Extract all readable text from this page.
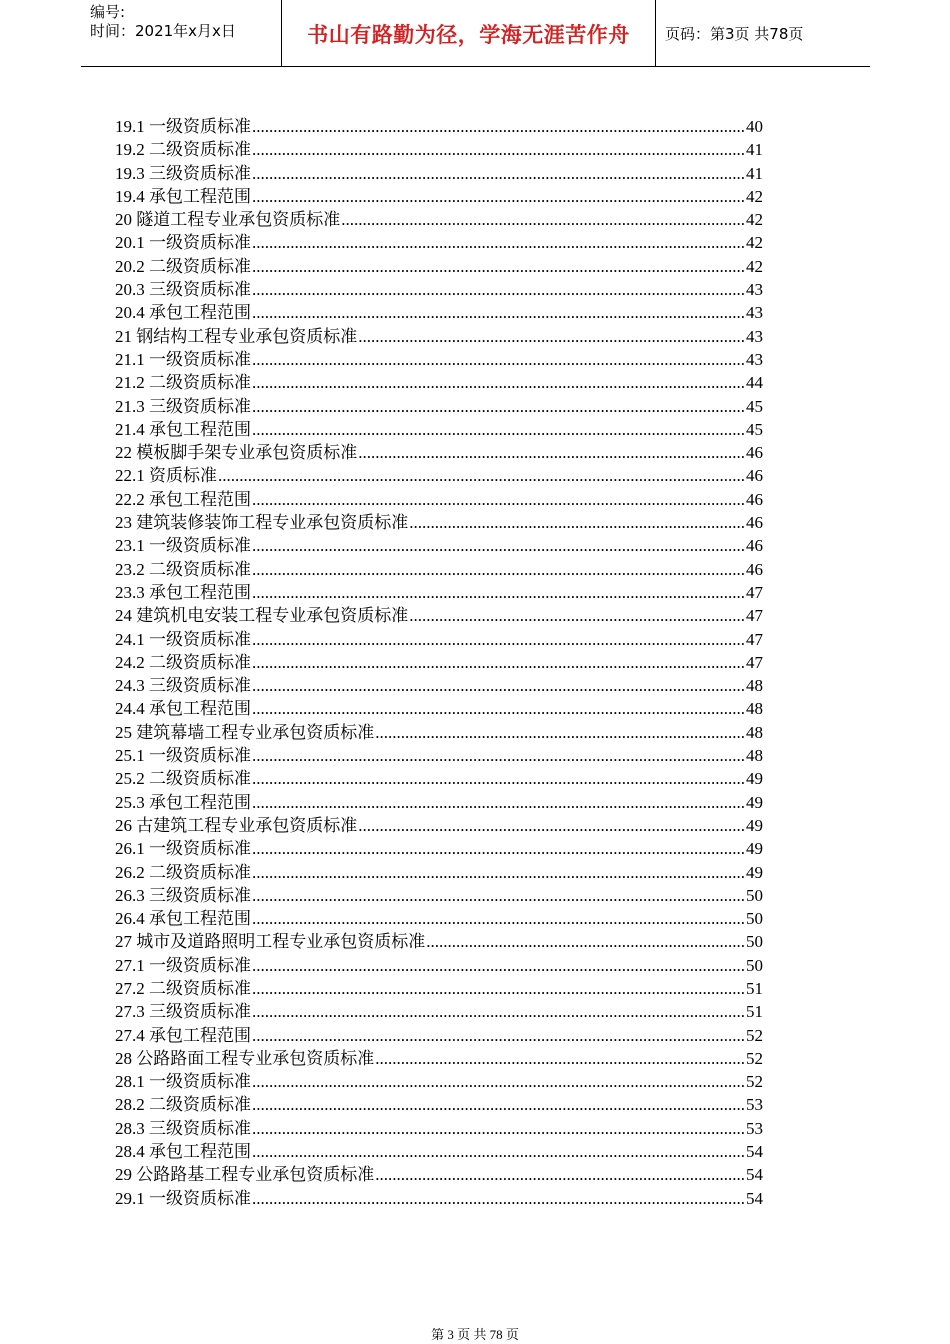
编号:
时间：2021年x月x日	书山有路勤为径，学海无涯苦作舟	页码：第3页 共78页
19.1 一级资质标准 .....	40
19.2 二级资质标准 .....	41
19.3 三级资质标准 .....	41
19.4 承包工程范围 .....	42
20 隧道工程专业承包资质标准 .....	42
20.1 一级资质标准 .....	42
20.2 二级资质标准 .....	42
20.3 三级资质标准 .....	43
20.4 承包工程范围 .....	43
21 钢结构工程专业承包资质标准 .....	43
21.1 一级资质标准 .....	43
21.2 二级资质标准 .....	44
21.3 三级资质标准 .....	45
21.4 承包工程范围 .....	45
22 模板脚手架专业承包资质标准 .....	46
22.1 资质标准 .....	46
22.2 承包工程范围 .....	46
23 建筑装修装饰工程专业承包资质标准 .....	46
23.1 一级资质标准 .....	46
23.2 二级资质标准 .....	46
23.3 承包工程范围 .....	47
24 建筑机电安装工程专业承包资质标准 .....	47
24.1 一级资质标准 .....	47
24.2 二级资质标准 .....	47
24.3 三级资质标准 .....	48
24.4 承包工程范围 .....	48
25 建筑幕墙工程专业承包资质标准 .....	48
25.1 一级资质标准 .....	48
25.2 二级资质标准 .....	49
25.3 承包工程范围 .....	49
26 古建筑工程专业承包资质标准 .....	49
26.1 一级资质标准 .....	49
26.2 二级资质标准 .....	49
26.3 三级资质标准 .....	50
26.4 承包工程范围 .....	50
27 城市及道路照明工程专业承包资质标准 .....	50
27.1 一级资质标准 .....	50
27.2 二级资质标准 .....	51
27.3 三级资质标准 .....	51
27.4 承包工程范围 .....	52
28 公路路面工程专业承包资质标准 .....	52
28.1 一级资质标准 .....	52
28.2 二级资质标准 .....	53
28.3 三级资质标准 .....	53
28.4 承包工程范围 .....	54
29 公路路基工程专业承包资质标准 .....	54
29.1 一级资质标准 .....	54
第 3 页 共 78 页
